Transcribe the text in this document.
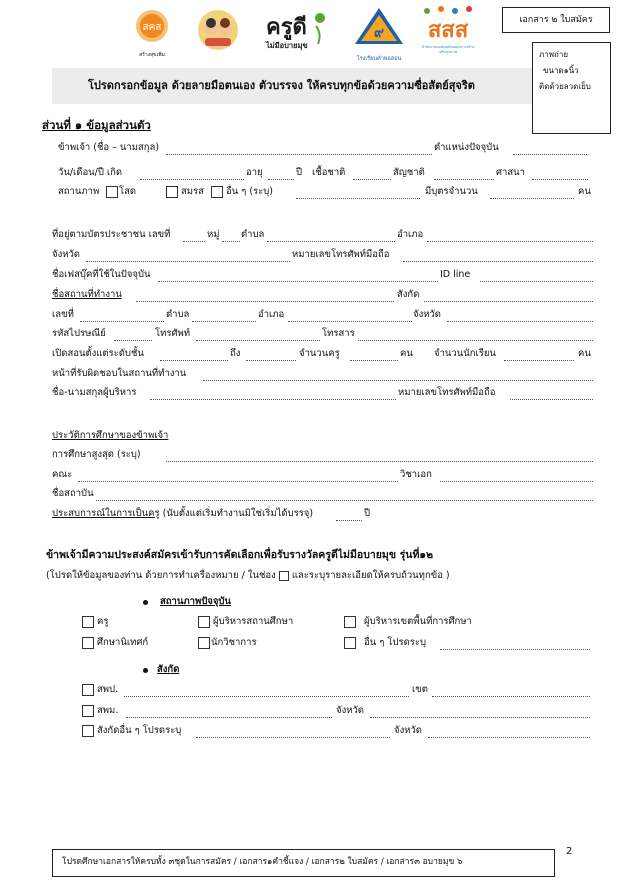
เอกสาร ๒ ใบสมัคร
สคส
สร้างสุขเพิ่ม
ครูดี
ไม่มีอบายมุข
๙
โรงเรียนคำพ่อสอน
สสส
สำนักงานกองทุนสนับสนุนการสร้างเสริมสุขภาพ	ภาพถ่าย
ขนาด๑นิ้ว
ติดด้วยลวดเย็บ
โปรดกรอกข้อมูล ด้วยลายมือตนเอง ตัวบรรจง ให้ครบทุกข้อด้วยความซื่อสัตย์สุจริต
ส่วนที่ ๑ ข้อมูลส่วนตัว
ข้าพเจ้า (ชื่อ – นามสกุล)	ตำแหน่งปัจจุบัน
วัน/เดือน/ปี เกิด	อายุ	ปี เชื้อชาติ	สัญชาติ	ศาสนา
สถานภาพ โสด	สมรส อื่น ๆ (ระบุ)	มีบุตรจำนวน	คน
ที่อยู่ตามบัตรประชาชน เลขที่	หมู่ ตำบล	อำเภอ
จังหวัด	หมายเลขโทรศัพท์มือถือ
ชื่อเฟสบุ๊คที่ใช้ในปัจจุบัน	ID line
ชื่อสถานที่ทำงาน	สังกัด
เลขที่	ตำบล	อำเภอ	จังหวัด
รหัสไปรษณีย์	โทรศัพท์	โทรสาร
เปิดสอนตั้งแต่ระดับชั้น	ถึง	จำนวนครู	คน จำนวนนักเรียน	คน
หน้าที่รับผิดชอบในสถานที่ทำงาน
ชื่อ-นามสกุลผู้บริหาร	หมายเลขโทรศัพท์มือถือ
ประวัติการศึกษาของข้าพเจ้า
การศึกษาสูงสุด (ระบุ)
คณะ	วิชาเอก
ชื่อสถาบัน
ประสบการณ์ในการเป็นครู (นับตั้งแต่เริ่มทำงานมิใช่เริ่มได้บรรจุ)	ปี
ข้าพเจ้ามีความประสงค์สมัครเข้ารับการคัดเลือกเพื่อรับรางวัลครูดีไม่มีอบายมุข รุ่นที่๑๒
(โปรดให้ข้อมูลของท่าน ด้วยการทำเครื่องหมาย / ในช่อง และระบุรายละเอียดให้ครบถ้วนทุกข้อ )
สถานภาพปัจจุบัน
ครู	ผู้บริหารสถานศึกษา	ผู้บริหารเขตพื้นที่การศึกษา
ศึกษานิเทศก์	นักวิชาการ	อื่น ๆ โปรดระบุ
สังกัด
สพป.	เขต
สพม.	จังหวัด
สังกัดอื่น ๆ โปรดระบุ	จังหวัด
2
โปรดศึกษาเอกสารให้ครบทั้ง ๓ชุดในการสมัคร / เอกสาร๑คำชี้แจง / เอกสาร๒ ใบสมัคร / เอกสาร๓ อบายมุข ๖
